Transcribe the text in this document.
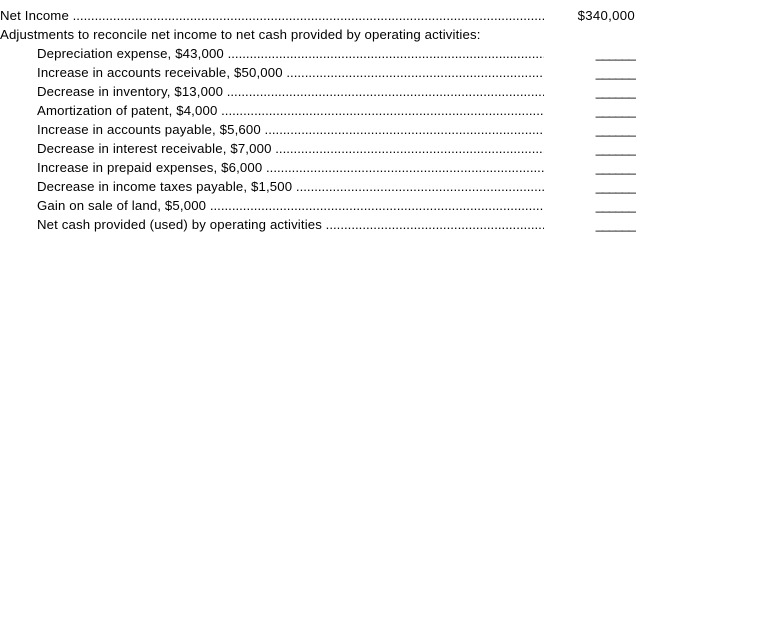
Net Income .....	$340,000
Adjustments to reconcile net income to net cash provided by operating activities:
Depreciation expense, $43,000 .....	______
Increase in accounts receivable, $50,000 .....	______
Decrease in inventory, $13,000 .....	______
Amortization of patent, $4,000 .....	______
Increase in accounts payable, $5,600 .....	______
Decrease in interest receivable, $7,000 .....	______
Increase in prepaid expenses, $6,000 .....	______
Decrease in income taxes payable, $1,500 .....	______
Gain on sale of land, $5,000 .....	______
Net cash provided (used) by operating activities .....	______
